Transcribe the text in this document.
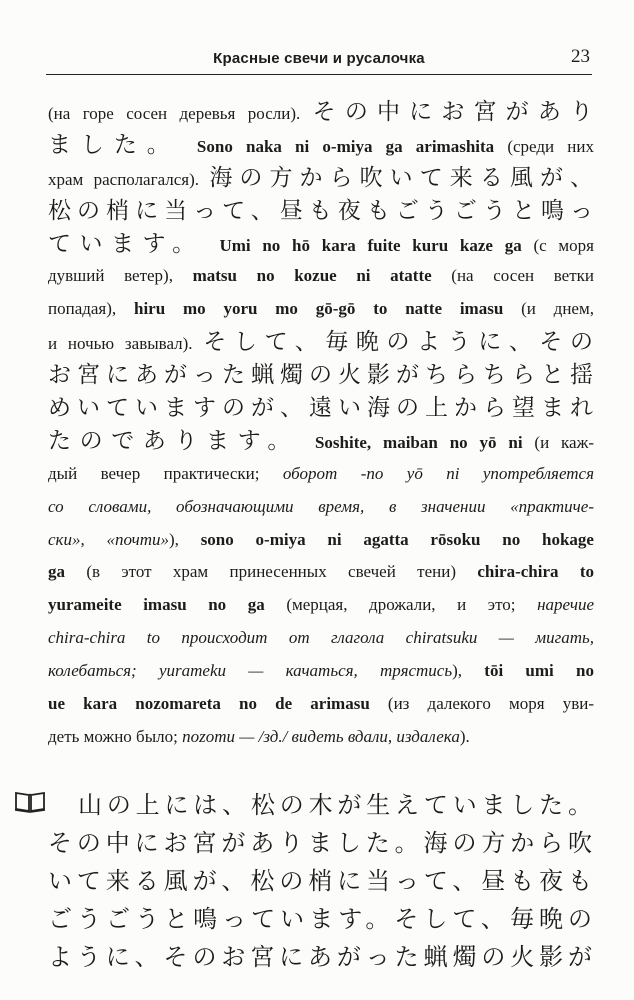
Красные свечи и русалочка	23
(на горе сосен деревья росли). その中にお宮があり
ました。 Sono naka ni o-miya ga arimashita (среди них
храм располагался). 海の方から吹いて来る風が、
松の梢に当って、昼も夜もごうごうと鳴っ
ています。 Umi no hō kara fuite kuru kaze ga (с моря
дувший ветер), matsu no kozue ni atatte (на сосен ветки
попадая), hiru mo yoru mo gō-gō to natte imasu (и днем,
и ночью завывал). そして、毎晩のように、その
お宮にあがった蝋燭の火影がちらちらと揺
めいていますのが、遠い海の上から望まれ
たのであります。 Soshite, maiban no yō ni (и каж-
дый вечер практически; оборот -no yō ni употребляется
со словами, обозначающими время, в значении «практиче-
ски», «почти»), sono o-miya ni agatta rōsoku no hokage
ga (в этот храм принесенных свечей тени) chira-chira to
yurameite imasu no ga (мерцая, дрожали, и это; наречие
chira-chira to происходит от глагола chiratsuku — мигать,
колебаться; yurameku — качаться, трястись), tōi umi no
ue kara nozomareta no de arimasu (из далекого моря уви-
деть можно было; nozomu — /зд./ видеть вдали, издалека).
山の上には、松の木が生えていました。
その中にお宮がありました。海の方から吹
いて来る風が、松の梢に当って、昼も夜も
ごうごうと鳴っています。そして、毎晩の
ように、そのお宮にあがった蝋燭の火影が
